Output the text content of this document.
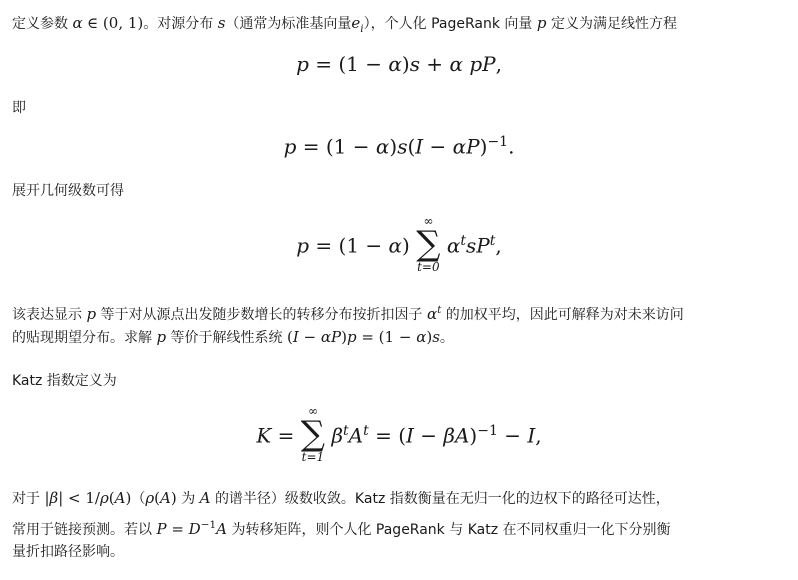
定义参数 α ∈ (0, 1)。对源分布 s（通常为标准基向量$e_i$），个人化 PageRank 向量 p 定义为满足线性方程
p = (1 − α)s + α pP,
即
$p = (1 - \alpha)s(I - \alpha P)^{-1}$.
展开几何级数可得
p = (1 − α)
∞
∑
t=0
$\alpha^tsP^t$,
该表达显示 p 等于对从源点出发随步数增长的转移分布按折扣因子 $\alpha^t$ 的加权平均，因此可解释为对未来访问
的贴现期望分布。求解 p 等价于解线性系统 (I − αP)p = (1 − α)s。
Katz 指数定义为
K =
∞
∑
t=1
$\beta^tA^t = (I - \beta A)^{-1} - I$,
对于 |β| < 1/ρ(A)（ρ(A) 为 A 的谱半径）级数收敛。Katz 指数衡量在无归一化的边权下的路径可达性，
常用于链接预测。若以 $P = D^{-1}A$ 为转移矩阵，则个人化 PageRank 与 Katz 在不同权重归一化下分别衡
量折扣路径影响。
